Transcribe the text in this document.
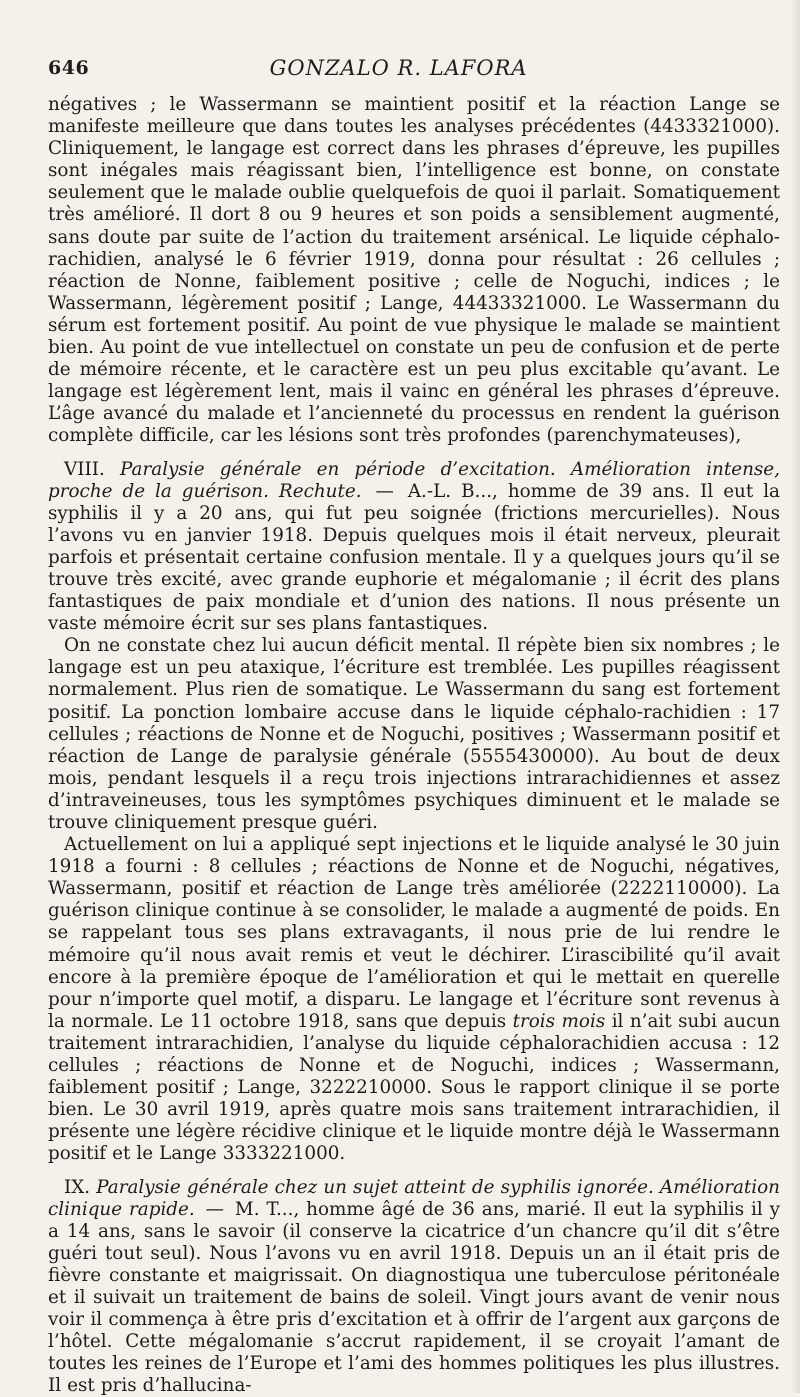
646	GONZALO R. LAFORA

négatives ; le Wassermann se maintient positif et la réaction Lange se manifeste meilleure que dans toutes les analyses précédentes (4433321000). Cliniquement, le langage est correct dans les phrases d’épreuve, les pupilles sont inégales mais réagissant bien, l’intelligence est bonne, on constate seulement que le malade oublie quelquefois de quoi il parlait. Somatiquement très amélioré. Il dort 8 ou 9 heures et son poids a sensiblement augmenté, sans doute par suite de l’action du traitement arsénical. Le liquide céphalo-rachidien, analysé le 6 février 1919, donna pour résultat : 26 cellules ; réaction de Nonne, faiblement positive ; celle de Noguchi, indices ; le Wassermann, légèrement positif ; Lange, 44433321000. Le Wassermann du sérum est fortement positif. Au point de vue physique le malade se maintient bien. Au point de vue intellectuel on constate un peu de confusion et de perte de mémoire récente, et le caractère est un peu plus excitable qu’avant. Le langage est légèrement lent, mais il vainc en général les phrases d’épreuve. L’âge avancé du malade et l’ancienneté du processus en rendent la guérison complète difficile, car les lésions sont très profondes (parenchymateuses),

VIII. Paralysie générale en période d’excitation. Amélioration intense, proche de la guérison. Rechute. — A.-L. B..., homme de 39 ans. Il eut la syphilis il y a 20 ans, qui fut peu soignée (frictions mercurielles). Nous l’avons vu en janvier 1918. Depuis quelques mois il était nerveux, pleurait parfois et présentait certaine confusion mentale. Il y a quelques jours qu’il se trouve très excité, avec grande euphorie et mégalomanie ; il écrit des plans fantastiques de paix mondiale et d’union des nations. Il nous présente un vaste mémoire écrit sur ses plans fantastiques.

On ne constate chez lui aucun déficit mental. Il répète bien six nombres ; le langage est un peu ataxique, l’écriture est tremblée. Les pupilles réagissent normalement. Plus rien de somatique. Le Wassermann du sang est fortement positif. La ponction lombaire accuse dans le liquide céphalo-rachidien : 17 cellules ; réactions de Nonne et de Noguchi, positives ; Wassermann positif et réaction de Lange de paralysie générale (5555430000). Au bout de deux mois, pendant lesquels il a reçu trois injections intrarachidiennes et assez d’intraveineuses, tous les symptômes psychiques diminuent et le malade se trouve cliniquement presque guéri.

Actuellement on lui a appliqué sept injections et le liquide analysé le 30 juin 1918 a fourni : 8 cellules ; réactions de Nonne et de Noguchi, négatives, Wassermann, positif et réaction de Lange très améliorée (2222110000). La guérison clinique continue à se consolider, le malade a augmenté de poids. En se rappelant tous ses plans extravagants, il nous prie de lui rendre le mémoire qu’il nous avait remis et veut le déchirer. L’irascibilité qu’il avait encore à la première époque de l’amélioration et qui le mettait en querelle pour n’importe quel motif, a disparu. Le langage et l’écriture sont revenus à la normale. Le 11 octobre 1918, sans que depuis trois mois il n’ait subi aucun traitement intrarachidien, l’analyse du liquide céphalorachidien accusa : 12 cellules ; réactions de Nonne et de Noguchi, indices ; Wassermann, faiblement positif ; Lange, 3222210000. Sous le rapport clinique il se porte bien. Le 30 avril 1919, après quatre mois sans traitement intrarachidien, il présente une légère récidive clinique et le liquide montre déjà le Wassermann positif et le Lange 3333221000.

IX. Paralysie générale chez un sujet atteint de syphilis ignorée. Amélioration clinique rapide. — M. T..., homme âgé de 36 ans, marié. Il eut la syphilis il y a 14 ans, sans le savoir (il conserve la cicatrice d’un chancre qu’il dit s’être guéri tout seul). Nous l’avons vu en avril 1918. Depuis un an il était pris de fièvre constante et maigrissait. On diagnostiqua une tuberculose péritonéale et il suivait un traitement de bains de soleil. Vingt jours avant de venir nous voir il commença à être pris d’excitation et à offrir de l’argent aux garçons de l’hôtel. Cette mégalomanie s’accrut rapidement, il se croyait l’amant de toutes les reines de l’Europe et l’ami des hommes politiques les plus illustres. Il est pris d’hallucina-
